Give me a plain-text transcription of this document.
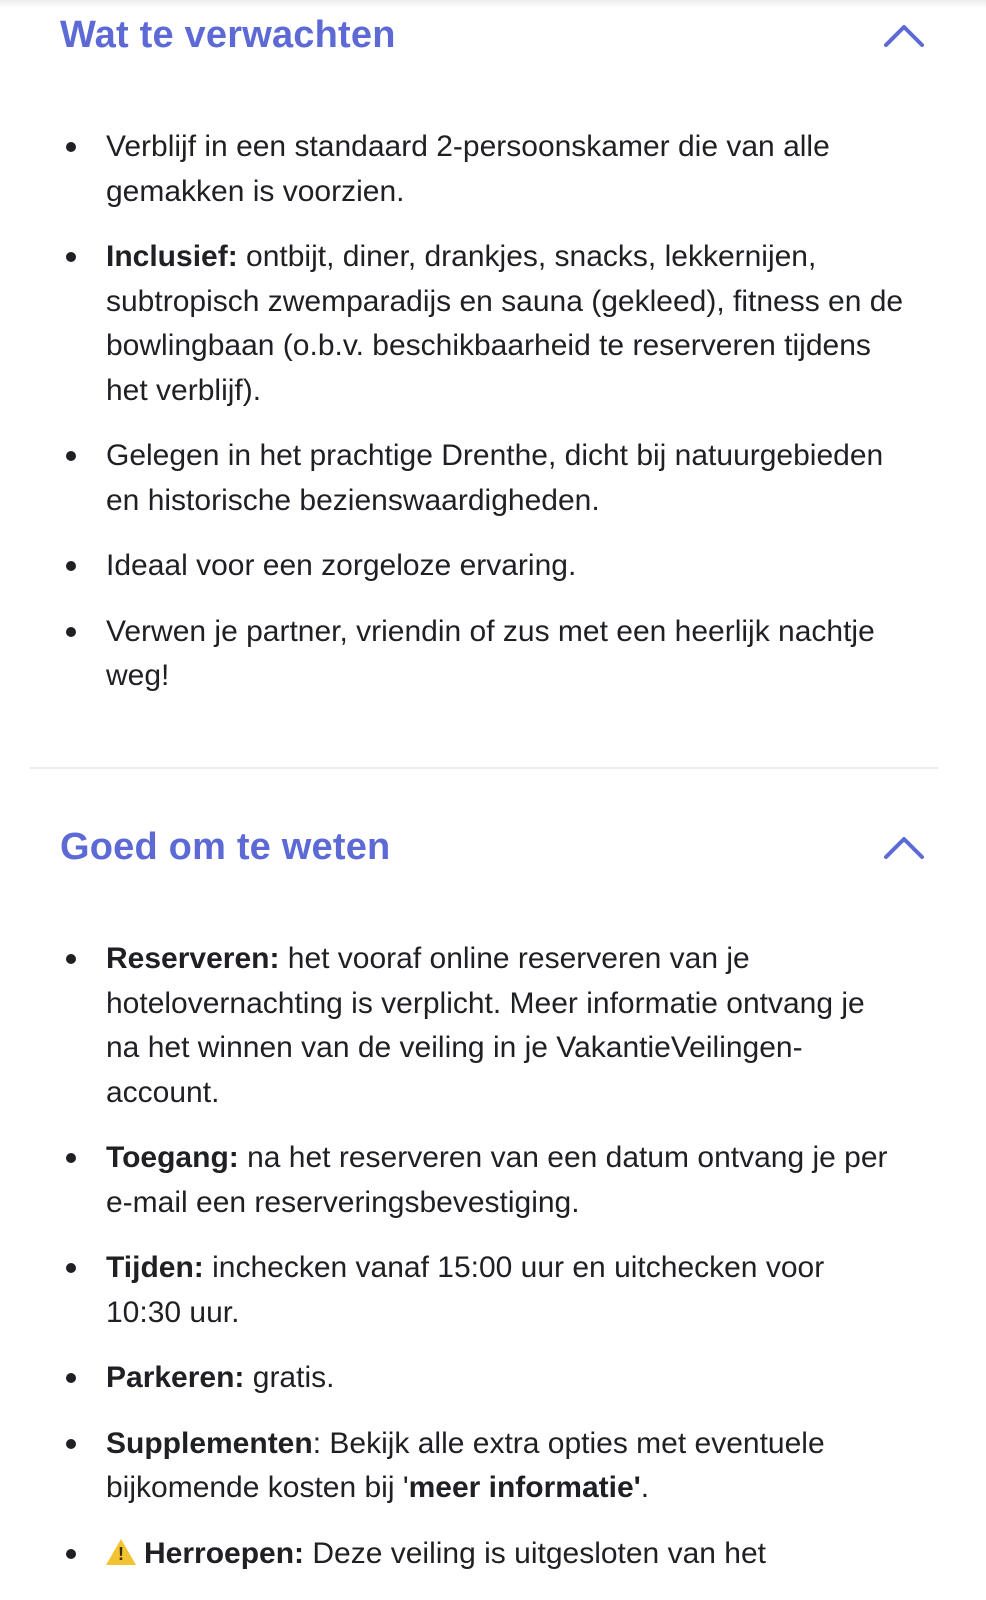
Wat te verwachten
Verblijf in een standaard 2-persoonskamer die van alle gemakken is voorzien.
Inclusief: ontbijt, diner, drankjes, snacks, lekkernijen, subtropisch zwemparadijs en sauna (gekleed), fitness en de bowlingbaan (o.b.v. beschikbaarheid te reserveren tijdens het verblijf).
Gelegen in het prachtige Drenthe, dicht bij natuurgebieden en historische bezienswaardigheden.
Ideaal voor een zorgeloze ervaring.
Verwen je partner, vriendin of zus met een heerlijk nachtje weg!
Goed om te weten
Reserveren: het vooraf online reserveren van je hotelovernachting is verplicht. Meer informatie ontvang je na het winnen van de veiling in je VakantieVeilingen-account.
Toegang: na het reserveren van een datum ontvang je per e-mail een reserveringsbevestiging.
Tijden: inchecken vanaf 15:00 uur en uitchecken voor 10:30 uur.
Parkeren: gratis.
Supplementen: Bekijk alle extra opties met eventuele bijkomende kosten bij 'meer informatie'.
!Herroepen: Deze veiling is uitgesloten van het
